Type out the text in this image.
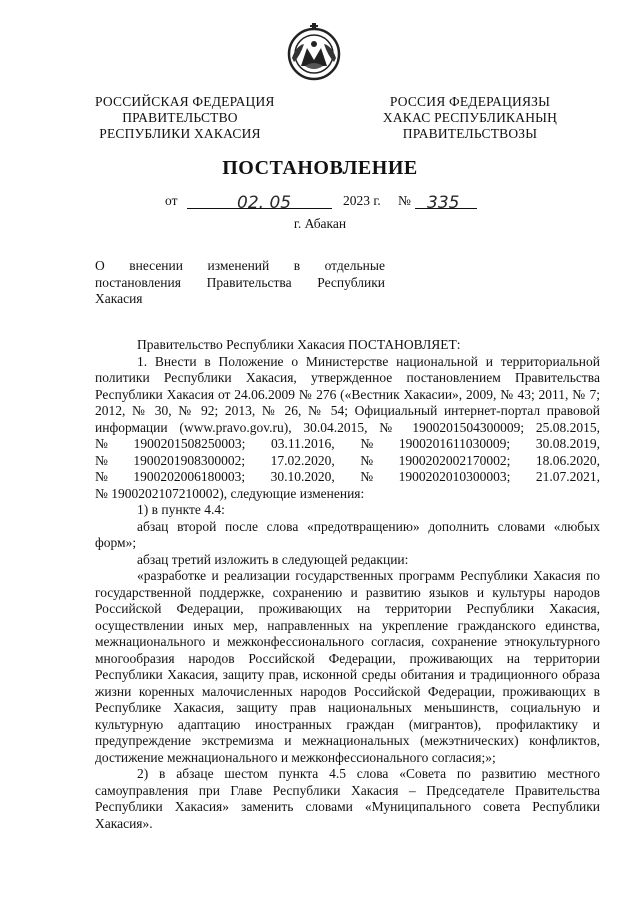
РОССИЙСКАЯ ФЕДЕРАЦИЯ
ПРАВИТЕЛЬСТВО
РЕСПУБЛИКИ ХАКАСИЯ
РОССИЯ ФЕДЕРАЦИЯЗЫ
ХАКАС РЕСПУБЛИКАНЫҢ
ПРАВИТЕЛЬСТВОЗЫ
ПОСТАНОВЛЕНИЕ
от	02. 05	2023 г. № 335
г. Абакан
О внесении изменений в отдельные
постановления Правительства Республики
Хакасия
Правительство Республики Хакасия ПОСТАНОВЛЯЕТ:
1. Внести в Положение о Министерстве национальной и территориальной политики Республики Хакасия, утвержденное постановлением Правительства Республики Хакасия от 24.06.2009 № 276 («Вестник Хакасии», 2009, № 43; 2011, № 7; 2012, № 30, № 92; 2013, № 26, № 54; Официальный интернет-портал правовой информации (www.pravo.gov.ru), 30.04.2015, № 1900201504300009; 25.08.2015,
№ 1900201508250003; 03.11.2016, № 1900201611030009; 30.08.2019,
№ 1900201908300002; 17.02.2020, № 1900202002170002; 18.06.2020,
№ 1900202006180003; 30.10.2020, № 1900202010300003; 21.07.2021,
№ 1900202107210002), следующие изменения:
1) в пункте 4.4:
абзац второй после слова «предотвращению» дополнить словами «любых форм»;
абзац третий изложить в следующей редакции:
«разработке и реализации государственных программ Республики Хакасия по государственной поддержке, сохранению и развитию языков и культуры народов Российской Федерации, проживающих на территории Республики Хакасия, осуществлении иных мер, направленных на укрепление гражданского единства, межнационального и межконфессионального согласия, сохранение этнокультурного многообразия народов Российской Федерации, проживающих на территории Республики Хакасия, защиту прав, исконной среды обитания и традиционного образа жизни коренных малочисленных народов Российской Федерации, проживающих в Республике Хакасия, защиту прав национальных меньшинств, социальную и культурную адаптацию иностранных граждан (мигрантов), профилактику и предупреждение экстремизма и межнациональных (межэтнических) конфликтов, достижение межнационального и межконфессионального согласия;»;
2) в абзаце шестом пункта 4.5 слова «Совета по развитию местного самоуправления при Главе Республики Хакасия – Председателе Правительства Республики Хакасия» заменить словами «Муниципального совета Республики Хакасия».
